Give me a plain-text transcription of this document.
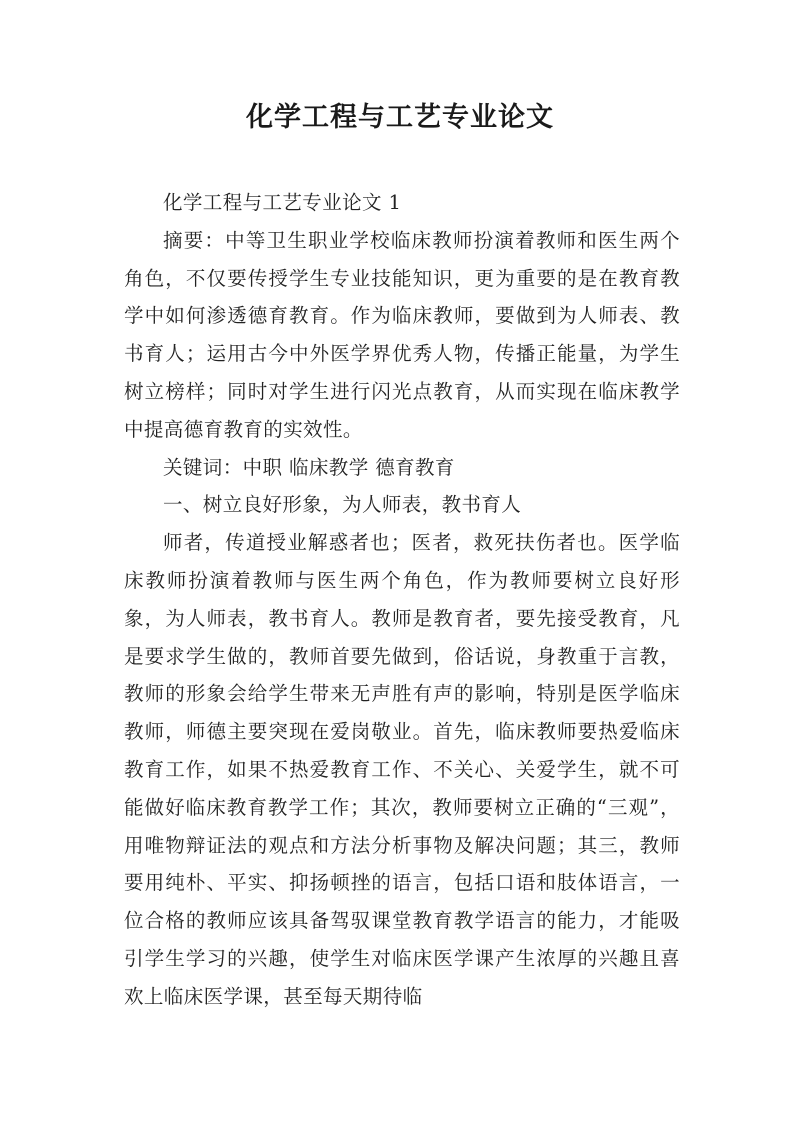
化学工程与工艺专业论文

化学工程与工艺专业论文 1

摘要：中等卫生职业学校临床教师扮演着教师和医生两个角色，不仅要传授学生专业技能知识，更为重要的是在教育教学中如何渗透德育教育。作为临床教师，要做到为人师表、教书育人；运用古今中外医学界优秀人物，传播正能量，为学生树立榜样；同时对学生进行闪光点教育，从而实现在临床教学中提高德育教育的实效性。

关键词：中职 临床教学 德育教育

一、树立良好形象，为人师表，教书育人

师者，传道授业解惑者也；医者，救死扶伤者也。医学临床教师扮演着教师与医生两个角色，作为教师要树立良好形象，为人师表，教书育人。教师是教育者，要先接受教育，凡是要求学生做的，教师首要先做到，俗话说，身教重于言教，教师的形象会给学生带来无声胜有声的影响，特别是医学临床教师，师德主要突现在爱岗敬业。首先，临床教师要热爱临床教育工作，如果不热爱教育工作、不关心、关爱学生，就不可能做好临床教育教学工作；其次，教师要树立正确的“三观”，用唯物辩证法的观点和方法分析事物及解决问题；其三，教师要用纯朴、平实、抑扬顿挫的语言，包括口语和肢体语言，一位合格的教师应该具备驾驭课堂教育教学语言的能力，才能吸引学生学习的兴趣，使学生对临床医学课产生浓厚的兴趣且喜欢上临床医学课，甚至每天期待临
